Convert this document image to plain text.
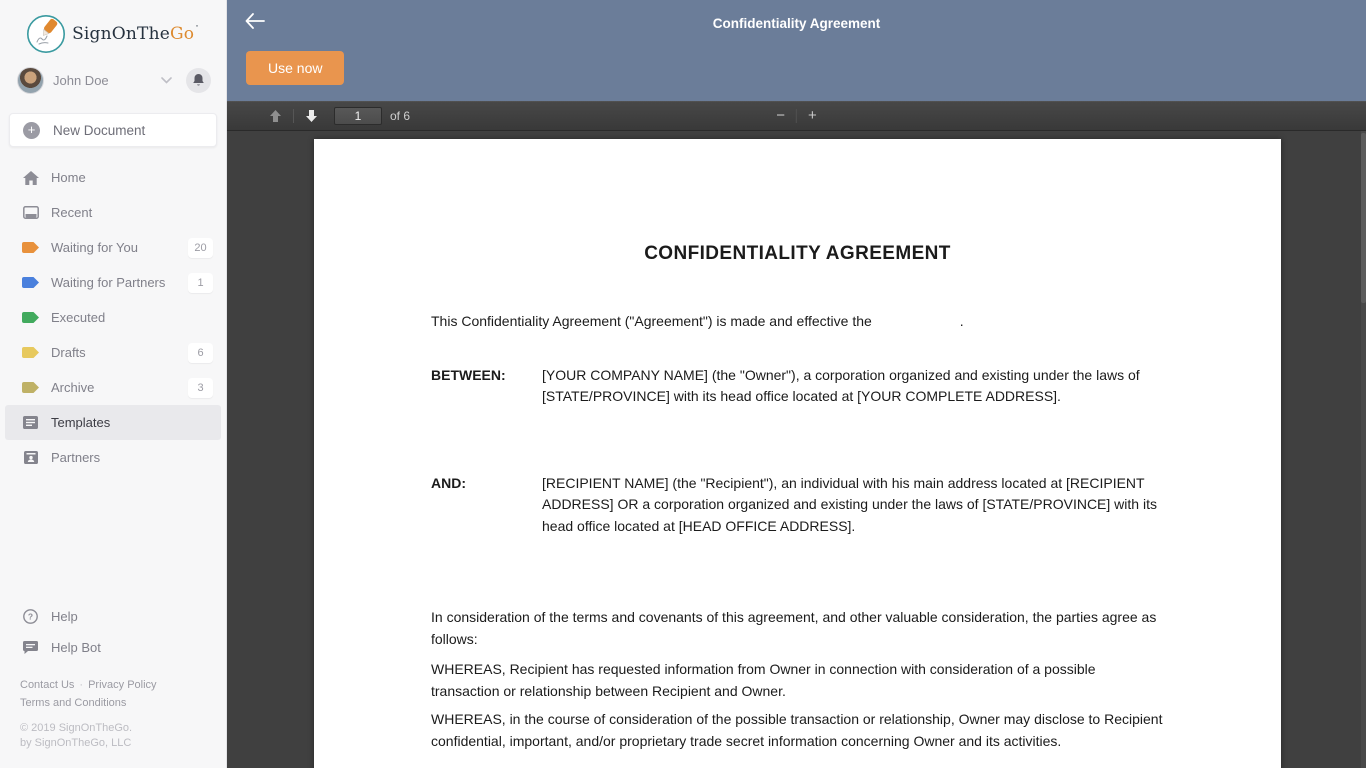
SignOnTheGo˙
John Doe
+	New Document
Home
Recent
Waiting for You	20
Waiting for Partners	1
Executed
Drafts	6
Archive	3
Templates
Partners
? Help
Help Bot
Contact Us · Privacy Policy
Terms and Conditions
© 2019 SignOnTheGo.
by SignOnTheGo, LLC
Confidentiality Agreement
Use now
1
of 6	− +
CONFIDENTIALITY AGREEMENT

This Confidentiality Agreement ("Agreement") is made and effective the	.

BETWEEN:	[YOUR COMPANY NAME] (the "Owner"), a corporation organized and existing under the laws of [STATE/PROVINCE] with its head office located at [YOUR COMPLETE ADDRESS].
AND:	[RECIPIENT NAME] (the "Recipient"), an individual with his main address located at [RECIPIENT ADDRESS] OR a corporation organized and existing under the laws of [STATE/PROVINCE] with its head office located at [HEAD OFFICE ADDRESS].

In consideration of the terms and covenants of this agreement, and other valuable consideration, the parties agree as follows:

WHEREAS, Recipient has requested information from Owner in connection with consideration of a possible transaction or relationship between Recipient and Owner.

WHEREAS, in the course of consideration of the possible transaction or relationship, Owner may disclose to Recipient confidential, important, and/or proprietary trade secret information concerning Owner and its activities.
